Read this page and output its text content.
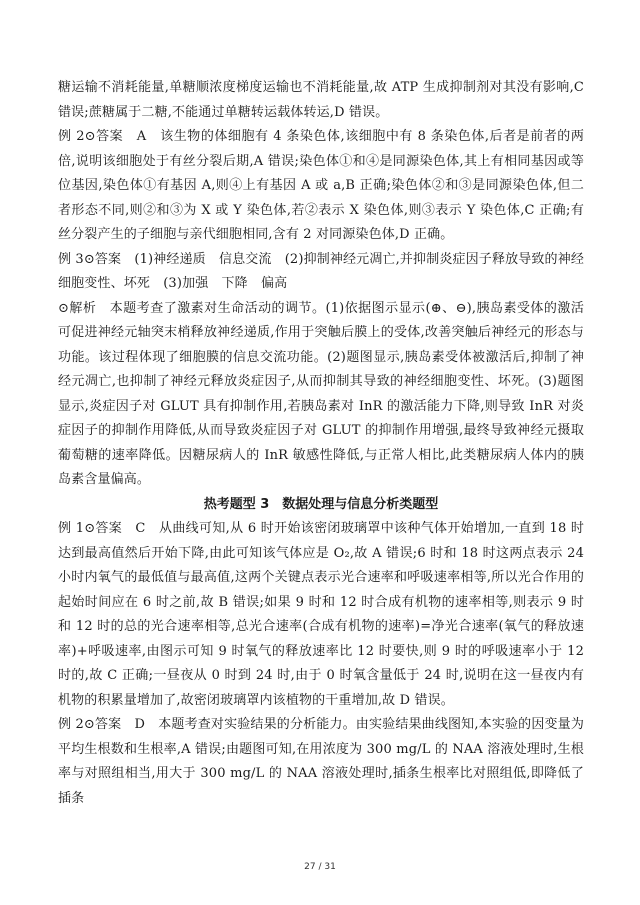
糖运输不消耗能量,单糖顺浓度梯度运输也不消耗能量,故 ATP 生成抑制剂对其没有影响,C 错误;蔗糖属于二糖,不能通过单糖转运载体转运,D 错误。

例 2⊙答案　A　该生物的体细胞有 4 条染色体,该细胞中有 8 条染色体,后者是前者的两倍,说明该细胞处于有丝分裂后期,A 错误;染色体①和④是同源染色体,其上有相同基因或等位基因,染色体①有基因 A,则④上有基因 A 或 a,B 正确;染色体②和③是同源染色体,但二者形态不同,则②和③为 X 或 Y 染色体,若②表示 X 染色体,则③表示 Y 染色体,C 正确;有丝分裂产生的子细胞与亲代细胞相同,含有 2 对同源染色体,D 正确。

例 3⊙答案　(1)神经递质　信息交流　(2)抑制神经元凋亡,并抑制炎症因子释放导致的神经细胞变性、坏死　(3)加强　下降　偏高

⊙解析　本题考查了激素对生命活动的调节。(1)依据图示显示(⊕、⊖),胰岛素受体的激活可促进神经元轴突末梢释放神经递质,作用于突触后膜上的受体,改善突触后神经元的形态与功能。该过程体现了细胞膜的信息交流功能。(2)题图显示,胰岛素受体被激活后,抑制了神经元凋亡,也抑制了神经元释放炎症因子,从而抑制其导致的神经细胞变性、坏死。(3)题图显示,炎症因子对 GLUT 具有抑制作用,若胰岛素对 InR 的激活能力下降,则导致 InR 对炎症因子的抑制作用降低,从而导致炎症因子对 GLUT 的抑制作用增强,最终导致神经元摄取葡萄糖的速率降低。因糖尿病人的 InR 敏感性降低,与正常人相比,此类糖尿病人体内的胰岛素含量偏高。

热考题型 3　数据处理与信息分析类题型

例 1⊙答案　C　从曲线可知,从 6 时开始该密闭玻璃罩中该种气体开始增加,一直到 18 时达到最高值然后开始下降,由此可知该气体应是 O₂,故 A 错误;6 时和 18 时这两点表示 24 小时内氧气的最低值与最高值,这两个关键点表示光合速率和呼吸速率相等,所以光合作用的起始时间应在 6 时之前,故 B 错误;如果 9 时和 12 时合成有机物的速率相等,则表示 9 时和 12 时的总的光合速率相等,总光合速率(合成有机物的速率)=净光合速率(氧气的释放速率)+呼吸速率,由图示可知 9 时氧气的释放速率比 12 时要快,则 9 时的呼吸速率小于 12 时的,故 C 正确;一昼夜从 0 时到 24 时,由于 0 时氧含量低于 24 时,说明在这一昼夜内有机物的积累量增加了,故密闭玻璃罩内该植物的干重增加,故 D 错误。

例 2⊙答案　D　本题考查对实验结果的分析能力。由实验结果曲线图知,本实验的因变量为平均生根数和生根率,A 错误;由题图可知,在用浓度为 300 mg/L 的 NAA 溶液处理时,生根率与对照组相当,用大于 300 mg/L 的 NAA 溶液处理时,插条生根率比对照组低,即降低了插条

27 / 31
